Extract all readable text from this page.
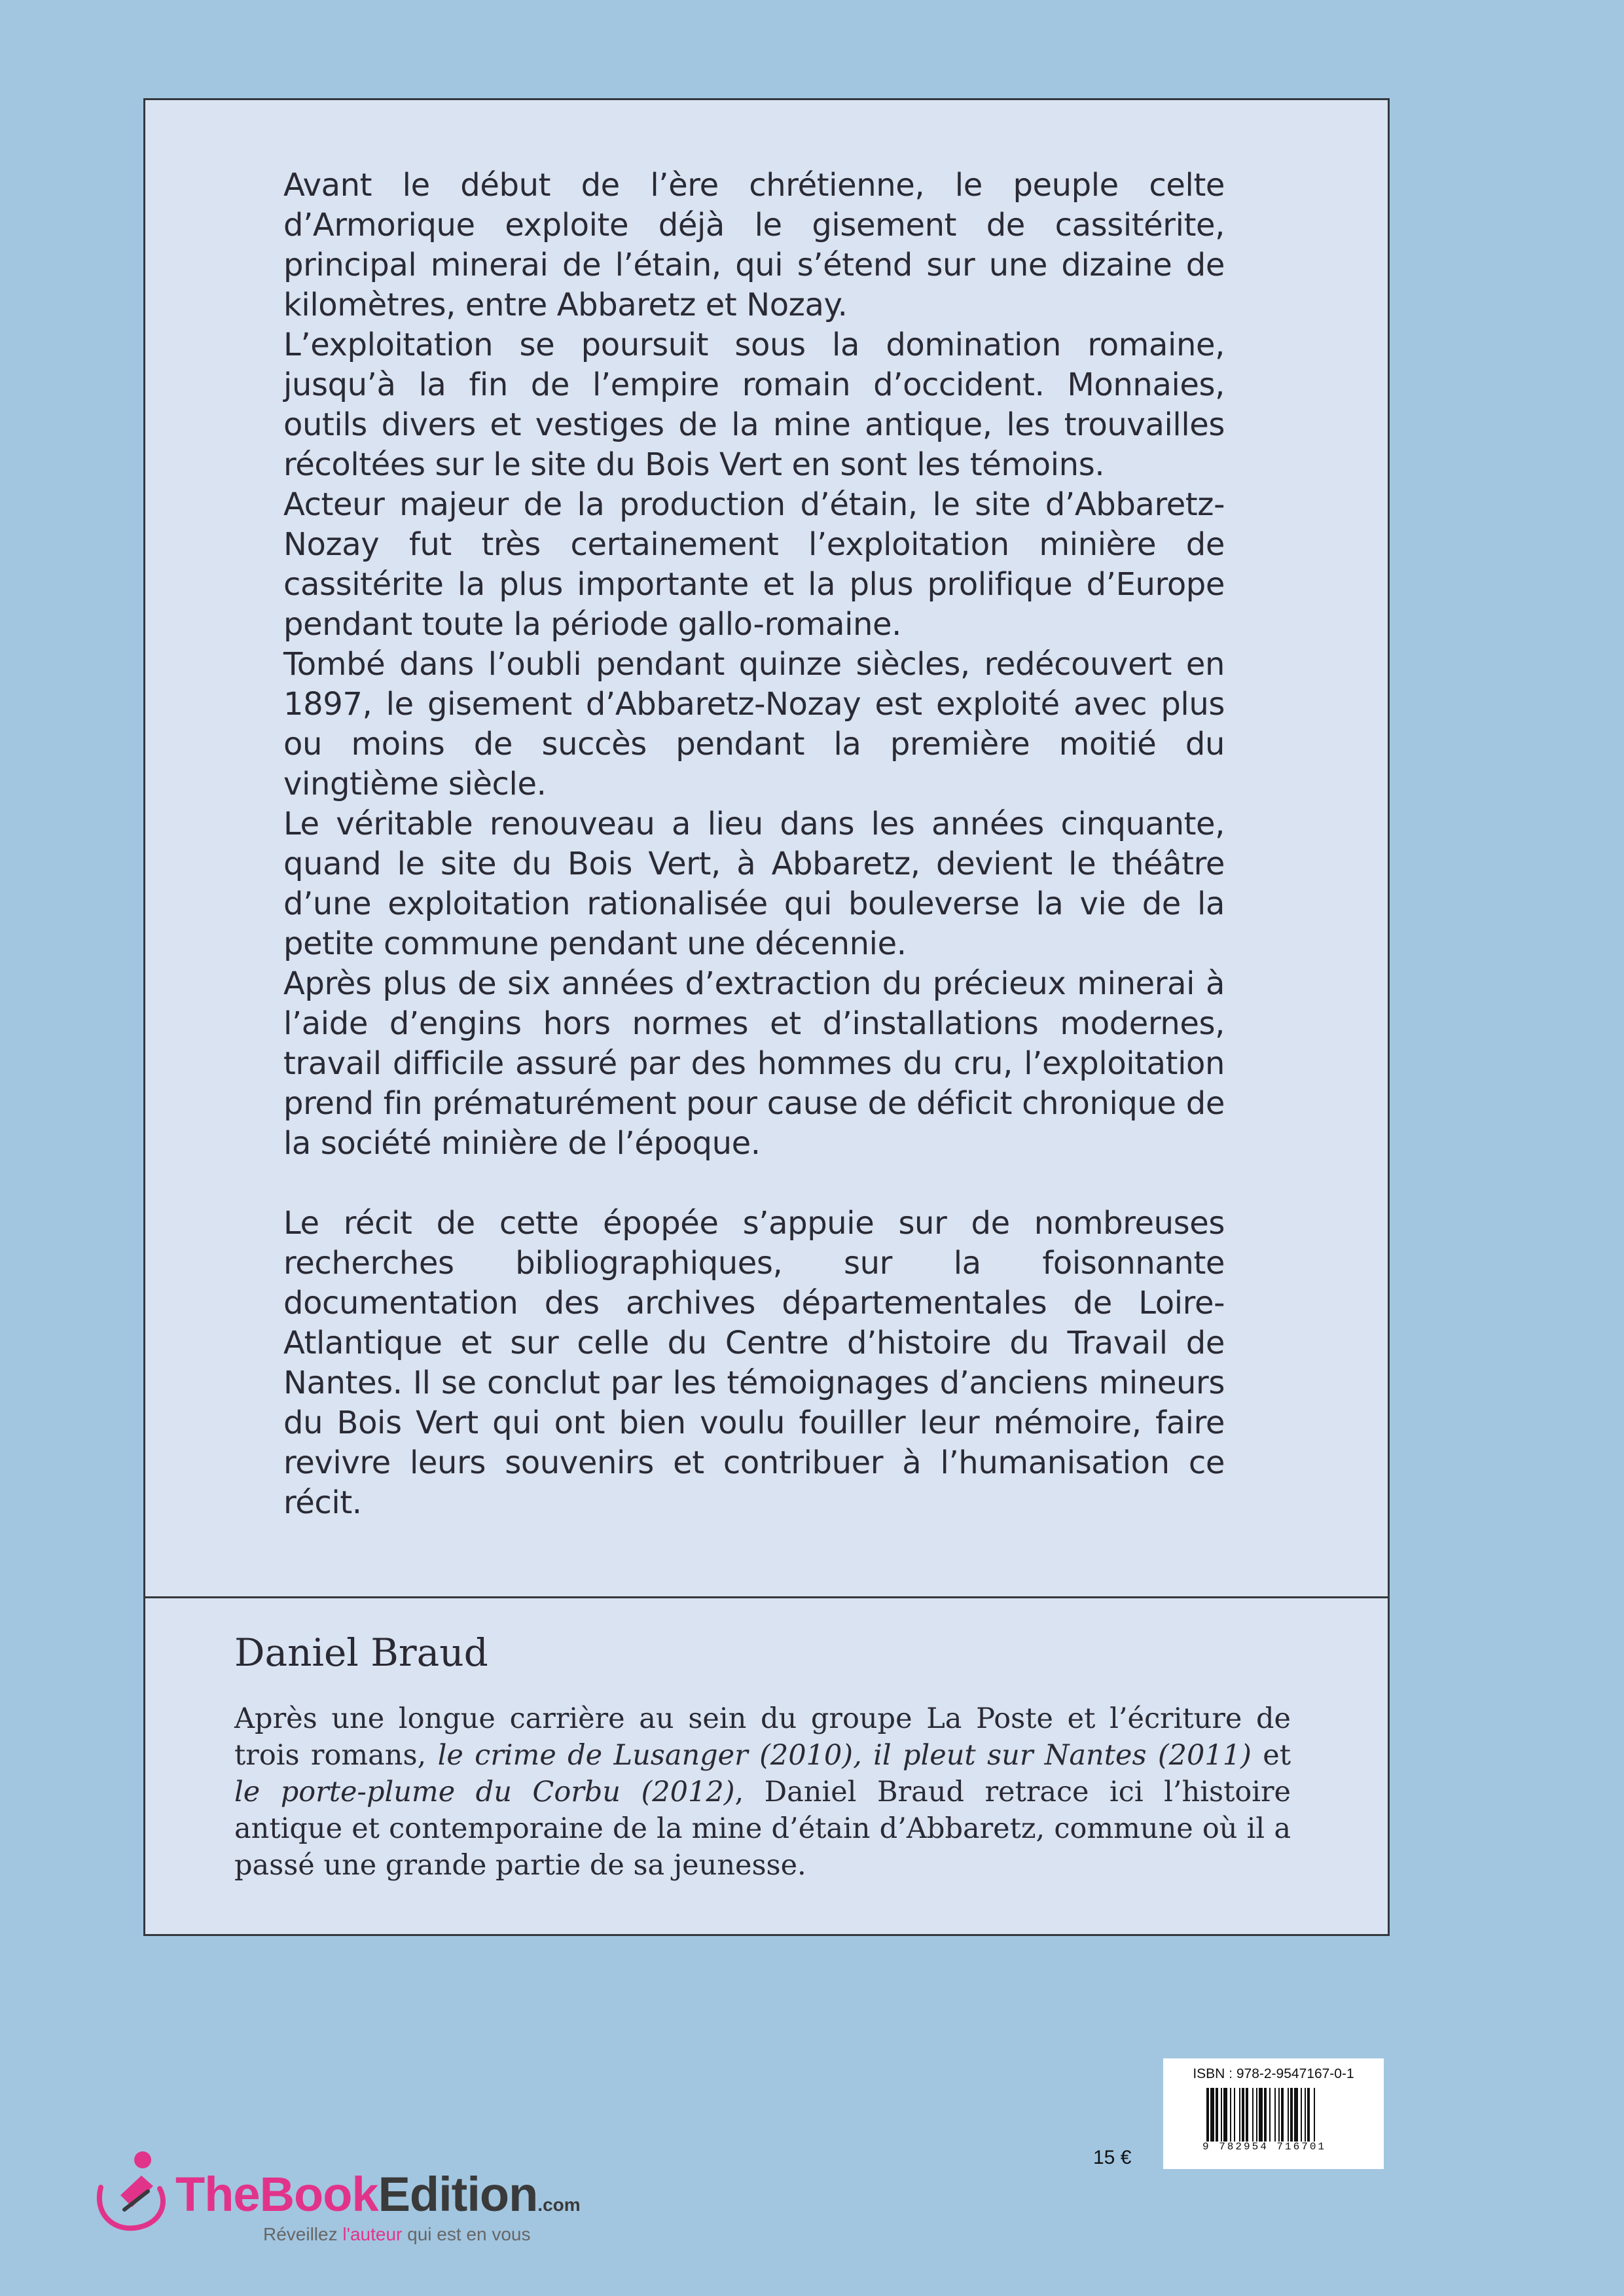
Avant le début de l’ère chrétienne, le peuple celte d’Armorique exploite déjà le gisement de cassitérite, principal minerai de l’étain, qui s’étend sur une dizaine de kilomètres, entre Abbaretz et Nozay.

L’exploitation se poursuit sous la domination romaine, jusqu’à la fin de l’empire romain d’occident. Monnaies, outils divers et vestiges de la mine antique, les trouvailles récoltées sur le site du Bois Vert en sont les témoins.

Acteur majeur de la production d’étain, le site d’Abbaretz-Nozay fut très certainement l’exploitation minière de cassitérite la plus importante et la plus prolifique d’Europe pendant toute la période gallo-romaine.

Tombé dans l’oubli pendant quinze siècles, redécouvert en 1897, le gisement d’Abbaretz-Nozay est exploité avec plus ou moins de succès pendant la première moitié du vingtième siècle.

Le véritable renouveau a lieu dans les années cinquante, quand le site du Bois Vert, à Abbaretz, devient le théâtre d’une exploitation rationalisée qui bouleverse la vie de la petite commune pendant une décennie.

Après plus de six années d’extraction du précieux minerai à l’aide d’engins hors normes et d’installations modernes, travail difficile assuré par des hommes du cru, l’exploitation prend fin prématurément pour cause de déficit chronique de la société minière de l’époque.

Le récit de cette épopée s’appuie sur de nombreuses recherches bibliographiques, sur la foisonnante documentation des archives départementales de Loire-Atlantique et sur celle du Centre d’histoire du Travail de Nantes. Il se conclut par les témoignages d’anciens mineurs du Bois Vert qui ont bien voulu fouiller leur mémoire, faire revivre leurs souvenirs et contribuer à l’humanisation ce récit.

Daniel Braud
Après une longue carrière au sein du groupe La Poste et l’écriture de trois romans, le crime de Lusanger (2010), il pleut sur Nantes (2011) et le porte-plume du Corbu (2012), Daniel Braud retrace ici l’histoire antique et contemporaine de la mine d’étain d’Abbaretz, commune où il a passé une grande partie de sa jeunesse.
ISBN : 978-2-9547167-0-1
9 782954 716701
15 €
TheBookEdition.com
Réveillez l'auteur qui est en vous
